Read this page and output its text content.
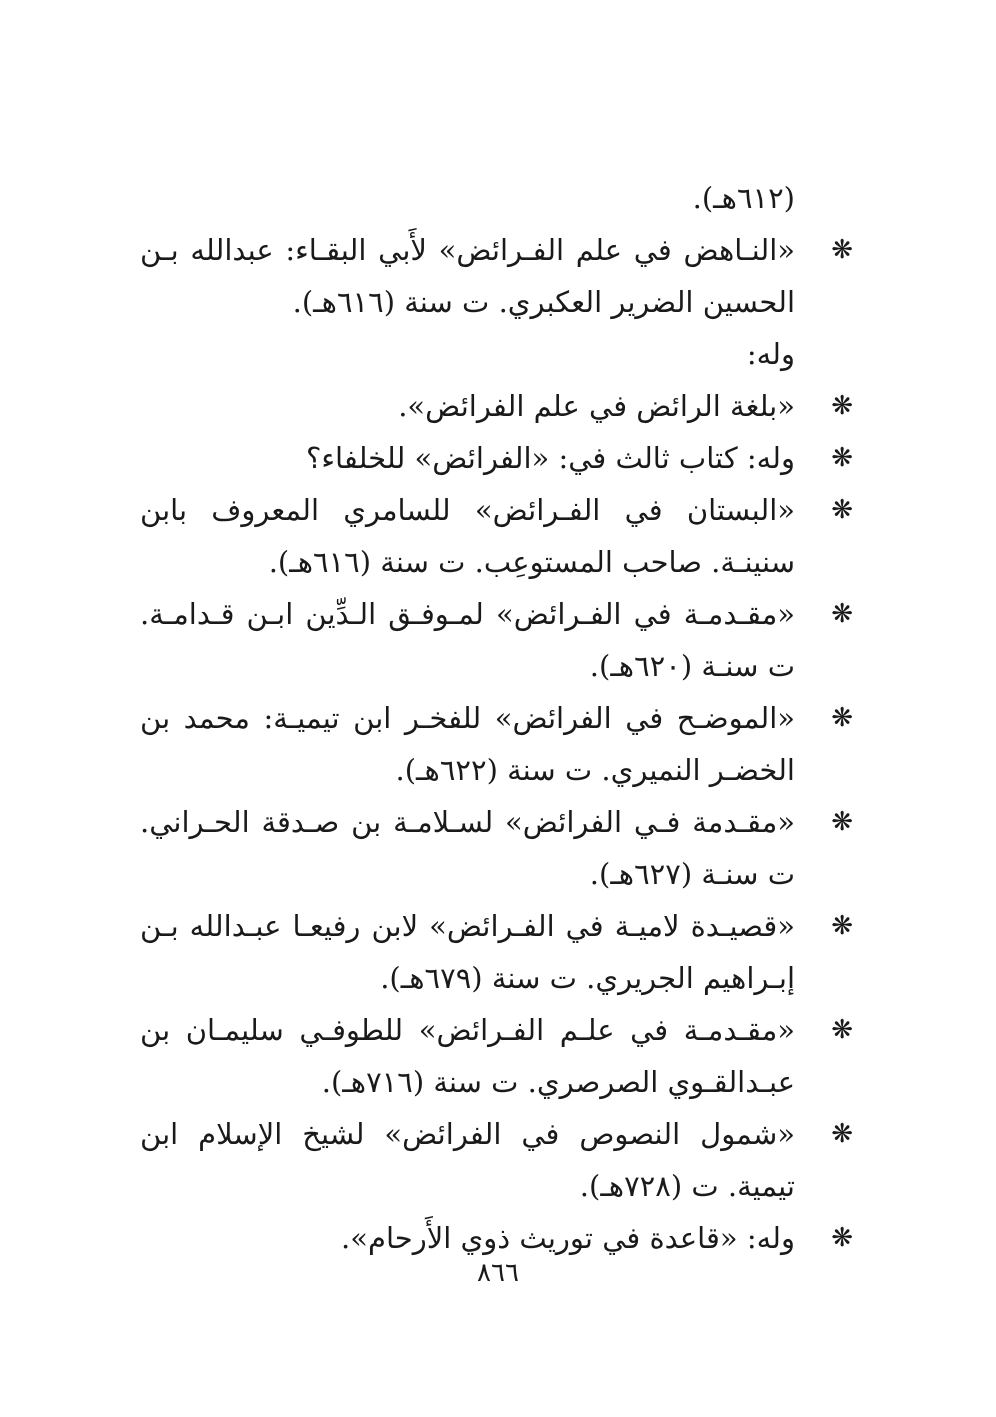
(٦١٢هـ).
❋
«النـاهض في علم الفـرائض» لأَبي البقـاء: عبدالله بـن الحسين الضرير العكبري. ت سنة (٦١٦هـ).
وله:
❋
«بلغة الرائض في علم الفرائض».
❋
وله: كتاب ثالث في: «الفرائض» للخلفاء؟
❋
«البستان في الفـرائض» للسامري المعروف بابن سنينـة. صاحب المستوعِب. ت سنة (٦١٦هـ).
❋
«مقـدمـة في الفـرائض» لمـوفـق الـدِّين ابـن قـدامـة. ت سنـة (٦٢٠هـ).
❋
«الموضـح في الفرائض» للفخـر ابن تيميـة: محمد بن الخضـر النميري. ت سنة (٦٢٢هـ).
❋
«مقـدمة فـي الفرائض» لسـلامـة بن صـدقة الحـراني. ت سنـة (٦٢٧هـ).
❋
«قصيـدة لاميـة في الفـرائض» لابن رفيعـا عبـدالله بـن إبـراهيم الجريري. ت سنة (٦٧٩هـ).
❋
«مقـدمـة في علـم الفـرائض» للطوفـي سليمـان بن عبـدالقـوي الصرصري. ت سنة (٧١٦هـ).
❋
«شمول النصوص في الفرائض» لشيخ الإسلام ابن تيمية. ت (٧٢٨هـ).
❋
وله: «قاعدة في توريث ذوي الأَرحام».
٨٦٦
